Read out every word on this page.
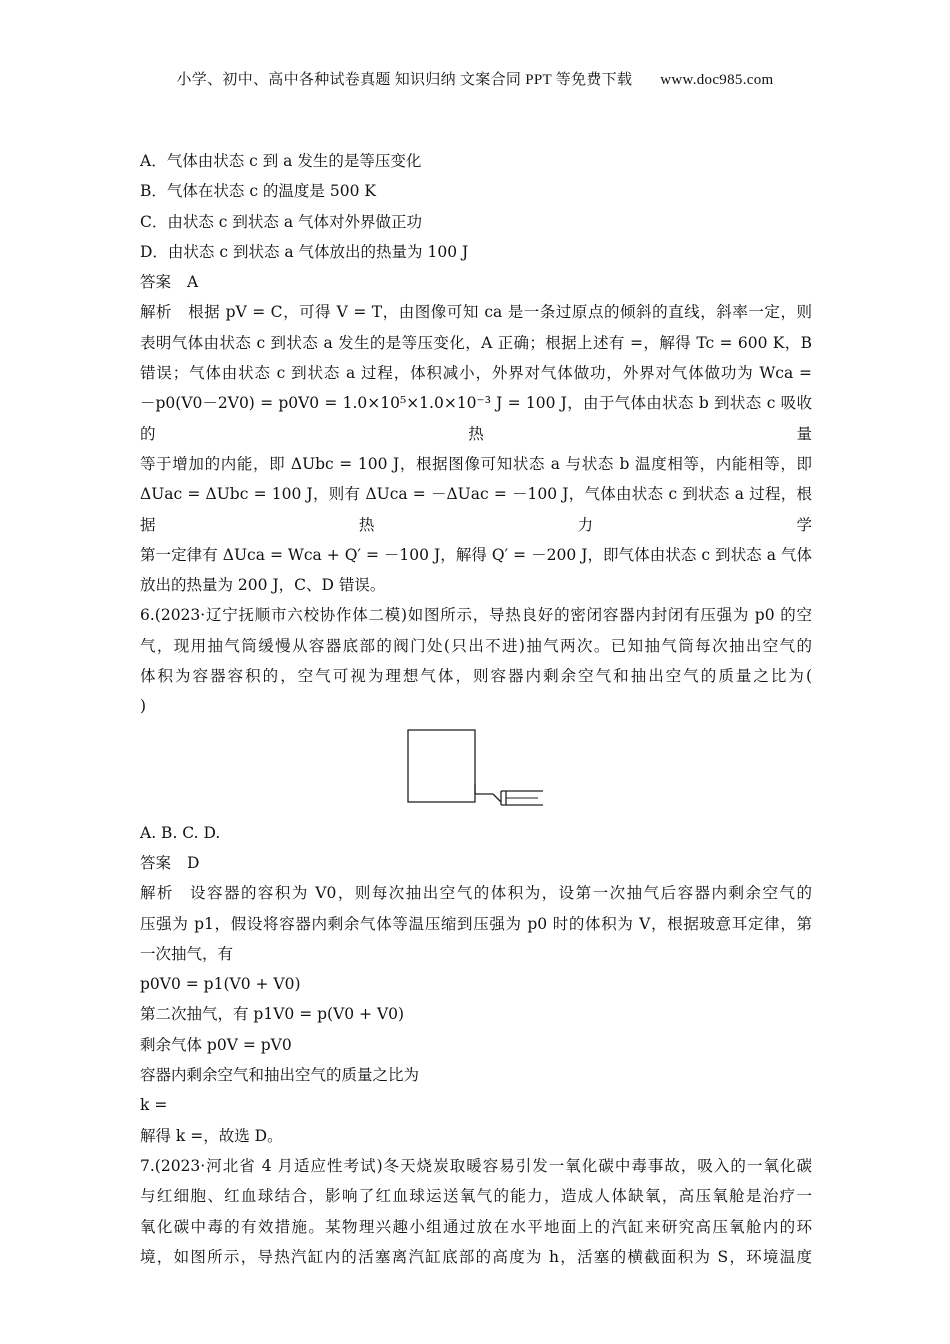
小学、初中、高中各种试卷真题 知识归纳 文案合同 PPT 等免费下载 www.doc985.com
A．气体由状态 c 到 a 发生的是等压变化
B．气体在状态 c 的温度是 500 K
C．由状态 c 到状态 a 气体对外界做正功
D．由状态 c 到状态 a 气体放出的热量为 100 J
答案 A
解析 根据 pV = C，可得 V = T，由图像可知 ca 是一条过原点的倾斜的直线，斜率一定，则
表明气体由状态 c 到状态 a 发生的是等压变化，A 正确；根据上述有 =，解得 Tc = 600 K，B
错误；气体由状态 c 到状态 a 过程，体积减小，外界对气体做功，外界对气体做功为 Wca =
－p0(V0－2V0) = p0V0 = 1.0×10⁵×1.0×10⁻³ J = 100 J，由于气体由状态 b 到状态 c 吸收的热量
等于增加的内能，即 ΔUbc = 100 J，根据图像可知状态 a 与状态 b 温度相等，内能相等，即
ΔUac = ΔUbc = 100 J，则有 ΔUca = －ΔUac = －100 J，气体由状态 c 到状态 a 过程，根据热力学
第一定律有 ΔUca = Wca + Q′ = －100 J，解得 Q′ = －200 J，即气体由状态 c 到状态 a 气体
放出的热量为 200 J，C、D 错误。
6.(2023·辽宁抚顺市六校协作体二模)如图所示，导热良好的密闭容器内封闭有压强为 p0 的空
气，现用抽气筒缓慢从容器底部的阀门处(只出不进)抽气两次。已知抽气筒每次抽出空气的
体积为容器容积的，空气可视为理想气体，则容器内剩余空气和抽出空气的质量之比为(
)
A. B. C. D.
答案 D
解析 设容器的容积为 V0，则每次抽出空气的体积为，设第一次抽气后容器内剩余空气的
压强为 p1，假设将容器内剩余气体等温压缩到压强为 p0 时的体积为 V，根据玻意耳定律，第
一次抽气，有
p0V0 = p1(V0 + V0)
第二次抽气，有 p1V0 = p(V0 + V0)
剩余气体 p0V = pV0
容器内剩余空气和抽出空气的质量之比为
k =
解得 k =，故选 D。
7.(2023·河北省 4 月适应性考试)冬天烧炭取暖容易引发一氧化碳中毒事故，吸入的一氧化碳
与红细胞、红血球结合，影响了红血球运送氧气的能力，造成人体缺氧，高压氧舱是治疗一
氧化碳中毒的有效措施。某物理兴趣小组通过放在水平地面上的汽缸来研究高压氧舱内的环
境，如图所示，导热汽缸内的活塞离汽缸底部的高度为 h，活塞的横截面积为 S，环境温度
